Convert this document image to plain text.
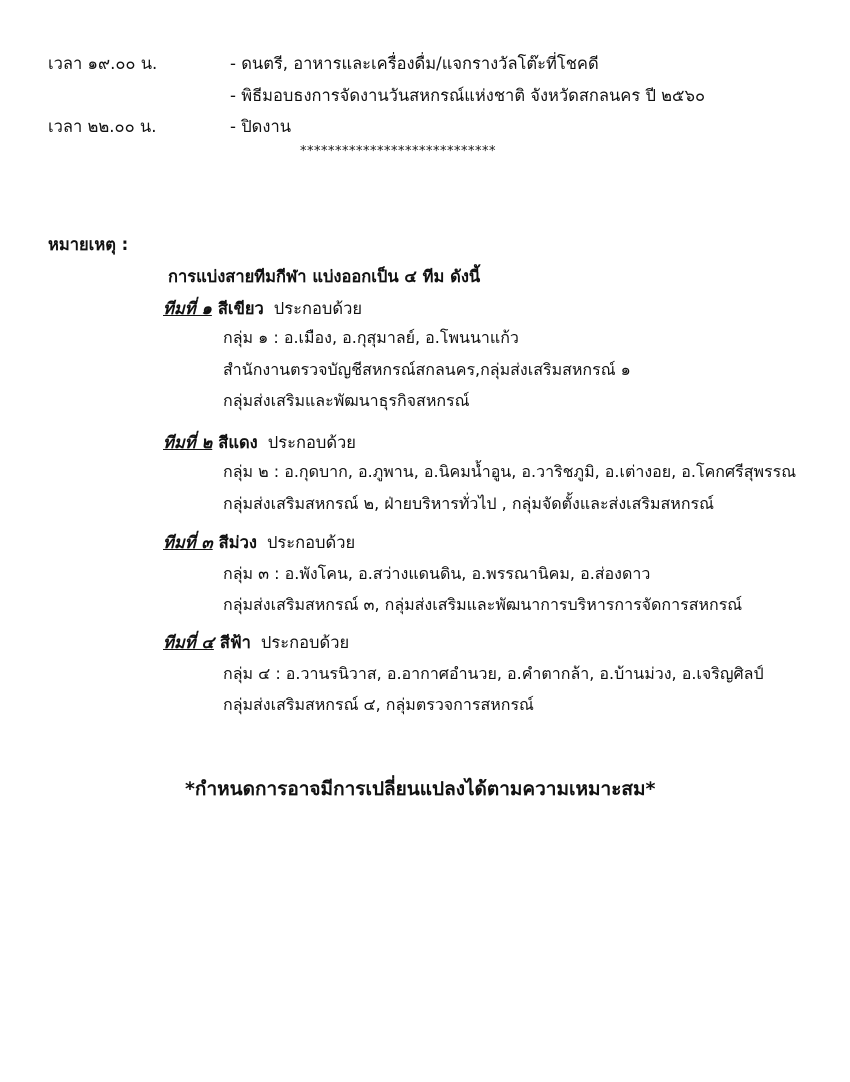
เวลา ๑๙.๐๐ น.	- ดนตรี, อาหารและเครื่องดื่ม/แจกรางวัลโต๊ะที่โชคดี
- พิธีมอบธงการจัดงานวันสหกรณ์แห่งชาติ จังหวัดสกลนคร ปี ๒๕๖๐
เวลา ๒๒.๐๐ น.	- ปิดงาน
****************************
หมายเหตุ :
การแบ่งสายทีมกีฬา แบ่งออกเป็น ๔ ทีม ดังนี้
ทีมที่ ๑ สีเขียว ประกอบด้วย
กลุ่ม ๑ : อ.เมือง, อ.กุสุมาลย์, อ.โพนนาแก้ว
สำนักงานตรวจบัญชีสหกรณ์สกลนคร,กลุ่มส่งเสริมสหกรณ์ ๑
กลุ่มส่งเสริมและพัฒนาธุรกิจสหกรณ์
ทีมที่ ๒ สีแดง ประกอบด้วย
กลุ่ม ๒ : อ.กุดบาก, อ.ภูพาน, อ.นิคมน้ำอูน, อ.วาริชภูมิ, อ.เต่างอย, อ.โคกศรีสุพรรณ
กลุ่มส่งเสริมสหกรณ์ ๒, ฝ่ายบริหารทั่วไป , กลุ่มจัดตั้งและส่งเสริมสหกรณ์
ทีมที่ ๓ สีม่วง ประกอบด้วย
กลุ่ม ๓ : อ.พังโคน, อ.สว่างแดนดิน, อ.พรรณานิคม, อ.ส่องดาว
กลุ่มส่งเสริมสหกรณ์ ๓, กลุ่มส่งเสริมและพัฒนาการบริหารการจัดการสหกรณ์
ทีมที่ ๔ สีฟ้า ประกอบด้วย
กลุ่ม ๔ : อ.วานรนิวาส, อ.อากาศอำนวย, อ.คำตากล้า, อ.บ้านม่วง, อ.เจริญศิลป์
กลุ่มส่งเสริมสหกรณ์ ๔, กลุ่มตรวจการสหกรณ์
*กำหนดการอาจมีการเปลี่ยนแปลงได้ตามความเหมาะสม*
